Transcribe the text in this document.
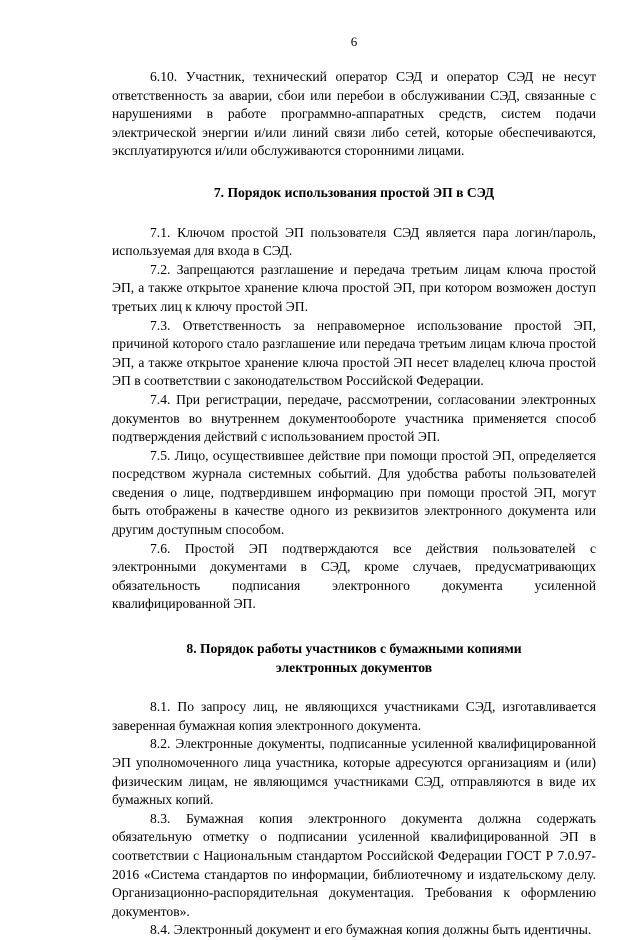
6

6.10. Участник, технический оператор СЭД и оператор СЭД не несут ответственность за аварии, сбои или перебои в обслуживании СЭД, связанные с нарушениями в работе программно-аппаратных средств, систем подачи электрической энергии и/или линий связи либо сетей, которые обеспечиваются, эксплуатируются и/или обслуживаются сторонними лицами.

7. Порядок использования простой ЭП в СЭД

7.1. Ключом простой ЭП пользователя СЭД является пара логин/пароль, используемая для входа в СЭД.

7.2. Запрещаются разглашение и передача третьим лицам ключа простой ЭП, а также открытое хранение ключа простой ЭП, при котором возможен доступ третьих лиц к ключу простой ЭП.

7.3. Ответственность за неправомерное использование простой ЭП, причиной которого стало разглашение или передача третьим лицам ключа простой ЭП, а также открытое хранение ключа простой ЭП несет владелец ключа простой ЭП в соответствии с законодательством Российской Федерации.

7.4. При регистрации, передаче, рассмотрении, согласовании электронных документов во внутреннем документообороте участника применяется способ подтверждения действий с использованием простой ЭП.

7.5. Лицо, осуществившее действие при помощи простой ЭП, определяется посредством журнала системных событий. Для удобства работы пользователей сведения о лице, подтвердившем информацию при помощи простой ЭП, могут быть отображены в качестве одного из реквизитов электронного документа или другим доступным способом.

7.6. Простой ЭП подтверждаются все действия пользователей с электронными документами в СЭД, кроме случаев, предусматривающих обязательность подписания электронного документа усиленной квалифицированной ЭП.

8. Порядок работы участников с бумажными копиями
электронных документов

8.1. По запросу лиц, не являющихся участниками СЭД, изготавливается заверенная бумажная копия электронного документа.

8.2. Электронные документы, подписанные усиленной квалифицированной ЭП уполномоченного лица участника, которые адресуются организациям и (или) физическим лицам, не являющимся участниками СЭД, отправляются в виде их бумажных копий.

8.3. Бумажная копия электронного документа должна содержать обязательную отметку о подписании усиленной квалифицированной ЭП в соответствии с Национальным стандартом Российской Федерации ГОСТ Р 7.0.97-2016 «Система стандартов по информации, библиотечному и издательскому делу. Организационно-распорядительная документация. Требования к оформлению документов».

8.4. Электронный документ и его бумажная копия должны быть идентичны.
